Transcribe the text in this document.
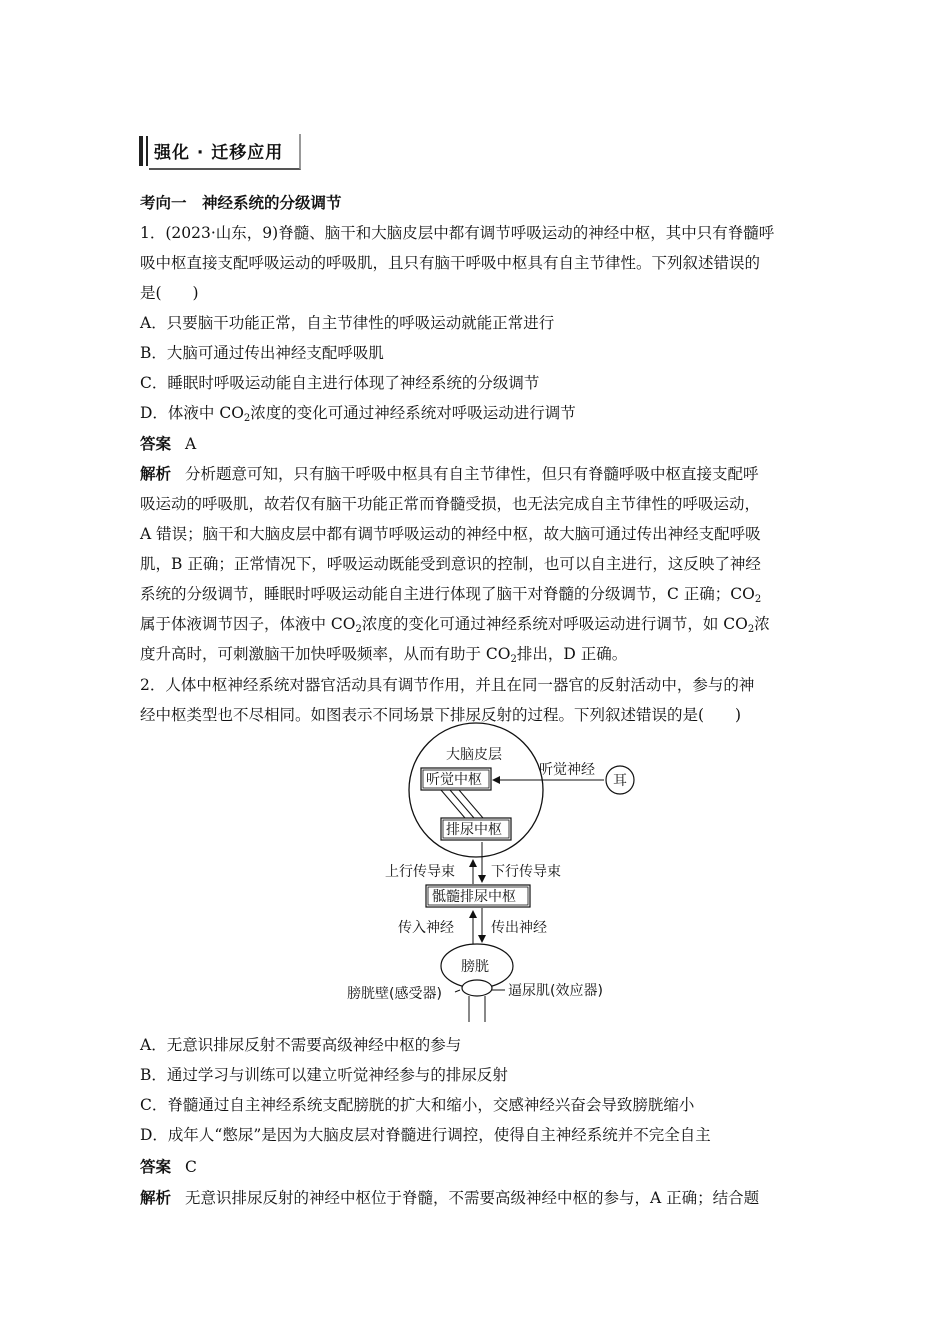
强化 · 迁移应用
考向一　神经系统的分级调节
1．(2023·山东，9)脊髓、脑干和大脑皮层中都有调节呼吸运动的神经中枢，其中只有脊髓呼
吸中枢直接支配呼吸运动的呼吸肌，且只有脑干呼吸中枢具有自主节律性。下列叙述错误的
是(　　)
A．只要脑干功能正常，自主节律性的呼吸运动就能正常进行
B．大脑可通过传出神经支配呼吸肌
C．睡眠时呼吸运动能自主进行体现了神经系统的分级调节
D．体液中 $CO_2$浓度的变化可通过神经系统对呼吸运动进行调节
答案 A
解析 分析题意可知，只有脑干呼吸中枢具有自主节律性，但只有脊髓呼吸中枢直接支配呼
吸运动的呼吸肌，故若仅有脑干功能正常而脊髓受损，也无法完成自主节律性的呼吸运动，
A 错误；脑干和大脑皮层中都有调节呼吸运动的神经中枢，故大脑可通过传出神经支配呼吸
肌，B 正确；正常情况下，呼吸运动既能受到意识的控制，也可以自主进行，这反映了神经
系统的分级调节，睡眠时呼吸运动能自主进行体现了脑干对脊髓的分级调节，C 正确；$CO_2$
属于体液调节因子，体液中 $CO_2$浓度的变化可通过神经系统对呼吸运动进行调节，如 $CO_2$浓
度升高时，可刺激脑干加快呼吸频率，从而有助于 $CO_2$排出，D 正确。
2．人体中枢神经系统对器官活动具有调节作用，并且在同一器官的反射活动中，参与的神
经中枢类型也不尽相同。如图表示不同场景下排尿反射的过程。下列叙述错误的是(　　)
大脑皮层
听觉中枢
排尿中枢
听觉神经
耳
上行传导束	下行传导束
骶髓排尿中枢
传入神经	传出神经
膀胱
膀胱壁(感受器)	逼尿肌(效应器)
A．无意识排尿反射不需要高级神经中枢的参与
B．通过学习与训练可以建立听觉神经参与的排尿反射
C．脊髓通过自主神经系统支配膀胱的扩大和缩小，交感神经兴奋会导致膀胱缩小
D．成年人“憋尿”是因为大脑皮层对脊髓进行调控，使得自主神经系统并不完全自主
答案 C
解析 无意识排尿反射的神经中枢位于脊髓，不需要高级神经中枢的参与，A 正确；结合题
